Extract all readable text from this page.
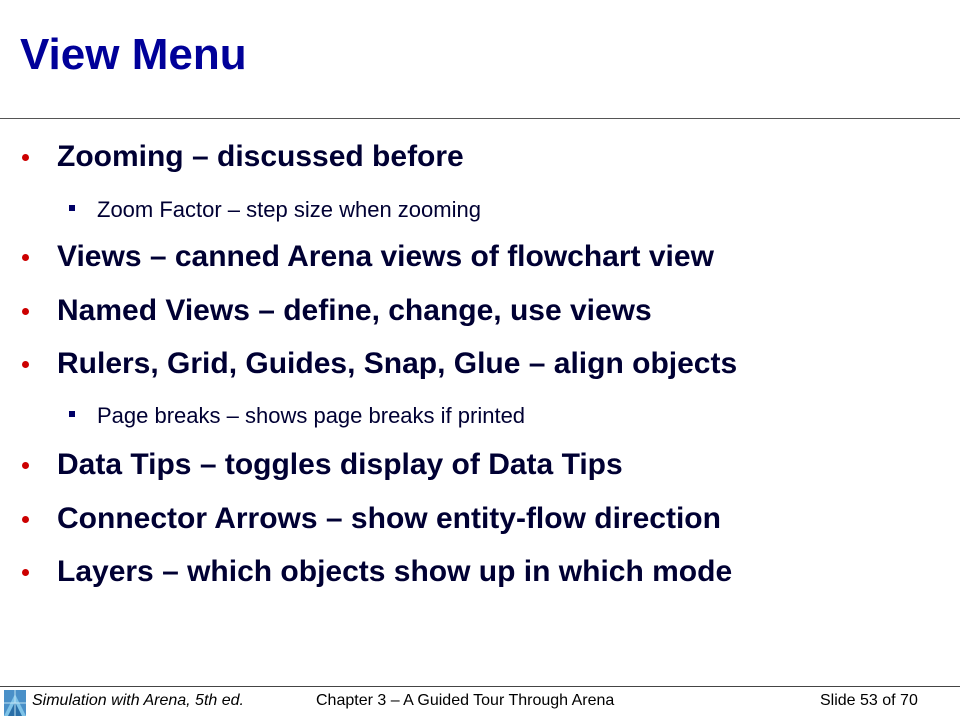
View Menu
Zooming – discussed before
Zoom Factor – step size when zooming
Views – canned Arena views of flowchart view
Named Views – define, change, use views
Rulers, Grid, Guides, Snap, Glue – align objects
Page breaks – shows page breaks if printed
Data Tips – toggles display of Data Tips
Connector Arrows – show entity-flow direction
Layers – which objects show up in which mode
Simulation with Arena, 5th ed.	Chapter 3 – A Guided Tour Through Arena	Slide 53 of 70
